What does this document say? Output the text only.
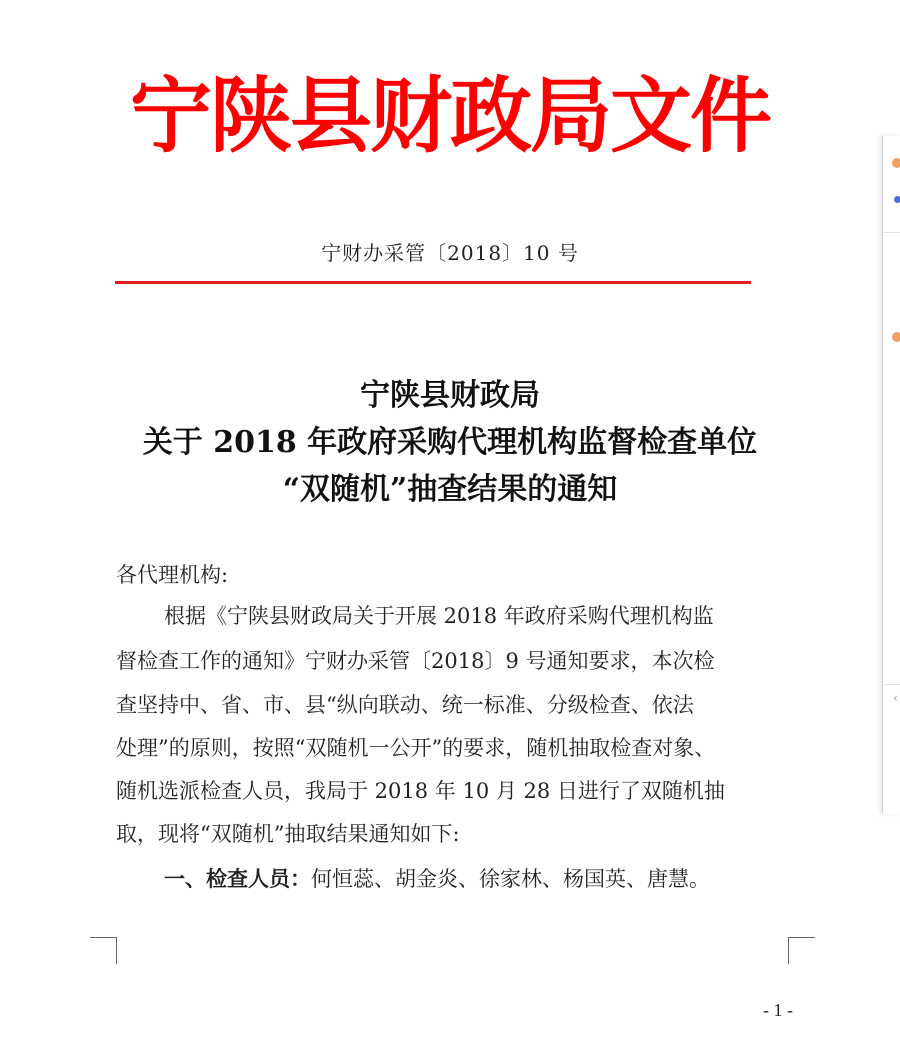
宁陕县财政局文件
宁财办采管〔2018〕10 号
宁陕县财政局
关于 2018 年政府采购代理机构监督检查单位
“双随机”抽查结果的通知
各代理机构:
根据《宁陕县财政局关于开展 2018 年政府采购代理机构监
督检查工作的通知》宁财办采管〔2018〕9 号通知要求，本次检
查坚持中、省、市、县“纵向联动、统一标准、分级检查、依法
处理”的原则，按照“双随机一公开”的要求，随机抽取检查对象、
随机选派检查人员，我局于 2018 年 10 月 28 日进行了双随机抽
取，现将“双随机”抽取结果通知如下:
一、检查人员：何恒蕊、胡金炎、徐家林、杨国英、唐慧。
- 1 -
‹
